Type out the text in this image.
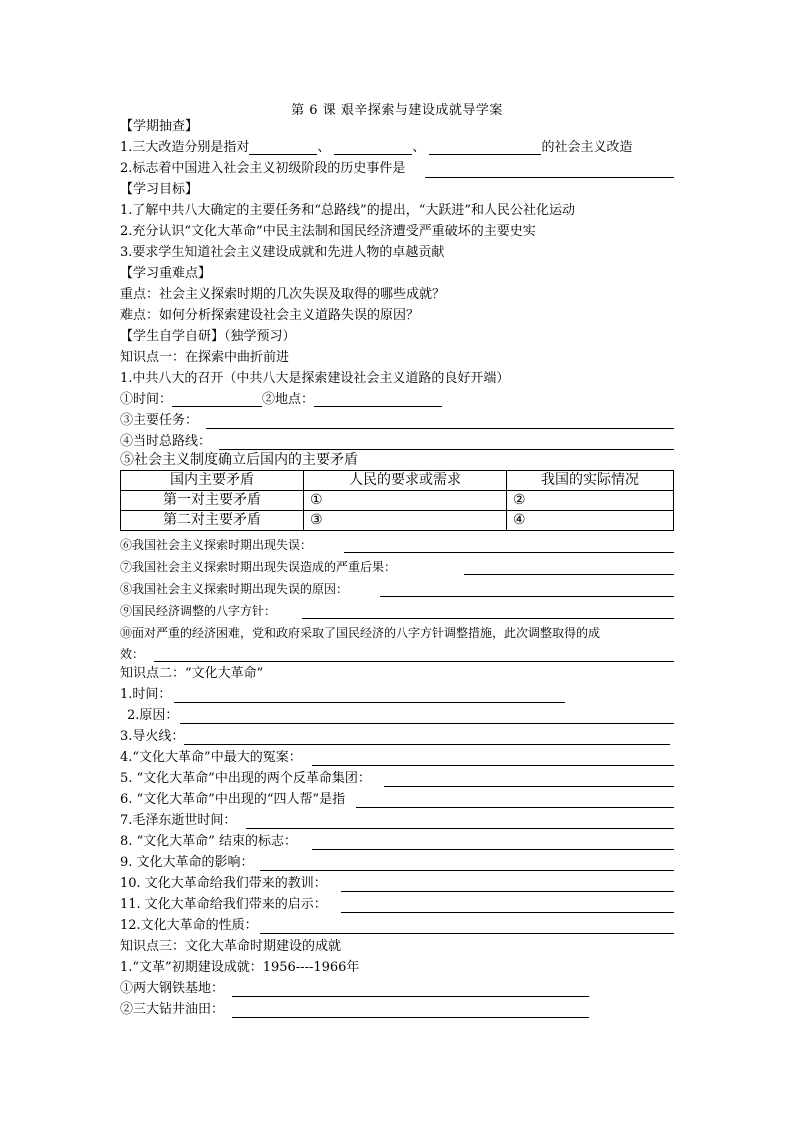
第 6 课 艰辛探索与建设成就导学案
【学期抽查】
1.三大改造分别是指对	、	、	的社会主义改造
2.标志着中国进入社会主义初级阶段的历史事件是
【学习目标】
1.了解中共八大确定的主要任务和“总路线”的提出，“大跃进”和人民公社化运动
2.充分认识“文化大革命”中民主法制和国民经济遭受严重破坏的主要史实
3.要求学生知道社会主义建设成就和先进人物的卓越贡献
【学习重难点】
重点：社会主义探索时期的几次失误及取得的哪些成就？
难点：如何分析探索建设社会主义道路失误的原因？
【学生自学自研】（独学预习）
知识点一：在探索中曲折前进
1.中共八大的召开（中共八大是探索建设社会主义道路的良好开端）
①时间：	②地点：
③主要任务：
④当时总路线：
⑤社会主义制度确立后国内的主要矛盾
国内主要矛盾	人民的要求或需求	我国的实际情况
第一对主要矛盾	①	②
第二对主要矛盾	③	④
⑥我国社会主义探索时期出现失误：
⑦我国社会主义探索时期出现失误造成的严重后果：
⑧我国社会主义探索时期出现失误的原因：
⑨国民经济调整的八字方针：
⑩面对严重的经济困难，党和政府采取了国民经济的八字方针调整措施，此次调整取得的成
效：
知识点二：“文化大革命”
1.时间：
2.原因：
3.导火线：
4.“文化大革命”中最大的冤案：
5. “文化大革命”中出现的两个反革命集团：
6. “文化大革命”中出现的“四人帮”是指
7.毛泽东逝世时间：
8. “文化大革命” 结束的标志：
9. 文化大革命的影响：
10. 文化大革命给我们带来的教训：
11. 文化大革命给我们带来的启示：
12.文化大革命的性质：
知识点三：文化大革命时期建设的成就
1.“文革”初期建设成就：1956----1966年
①两大钢铁基地：
②三大钻井油田：
